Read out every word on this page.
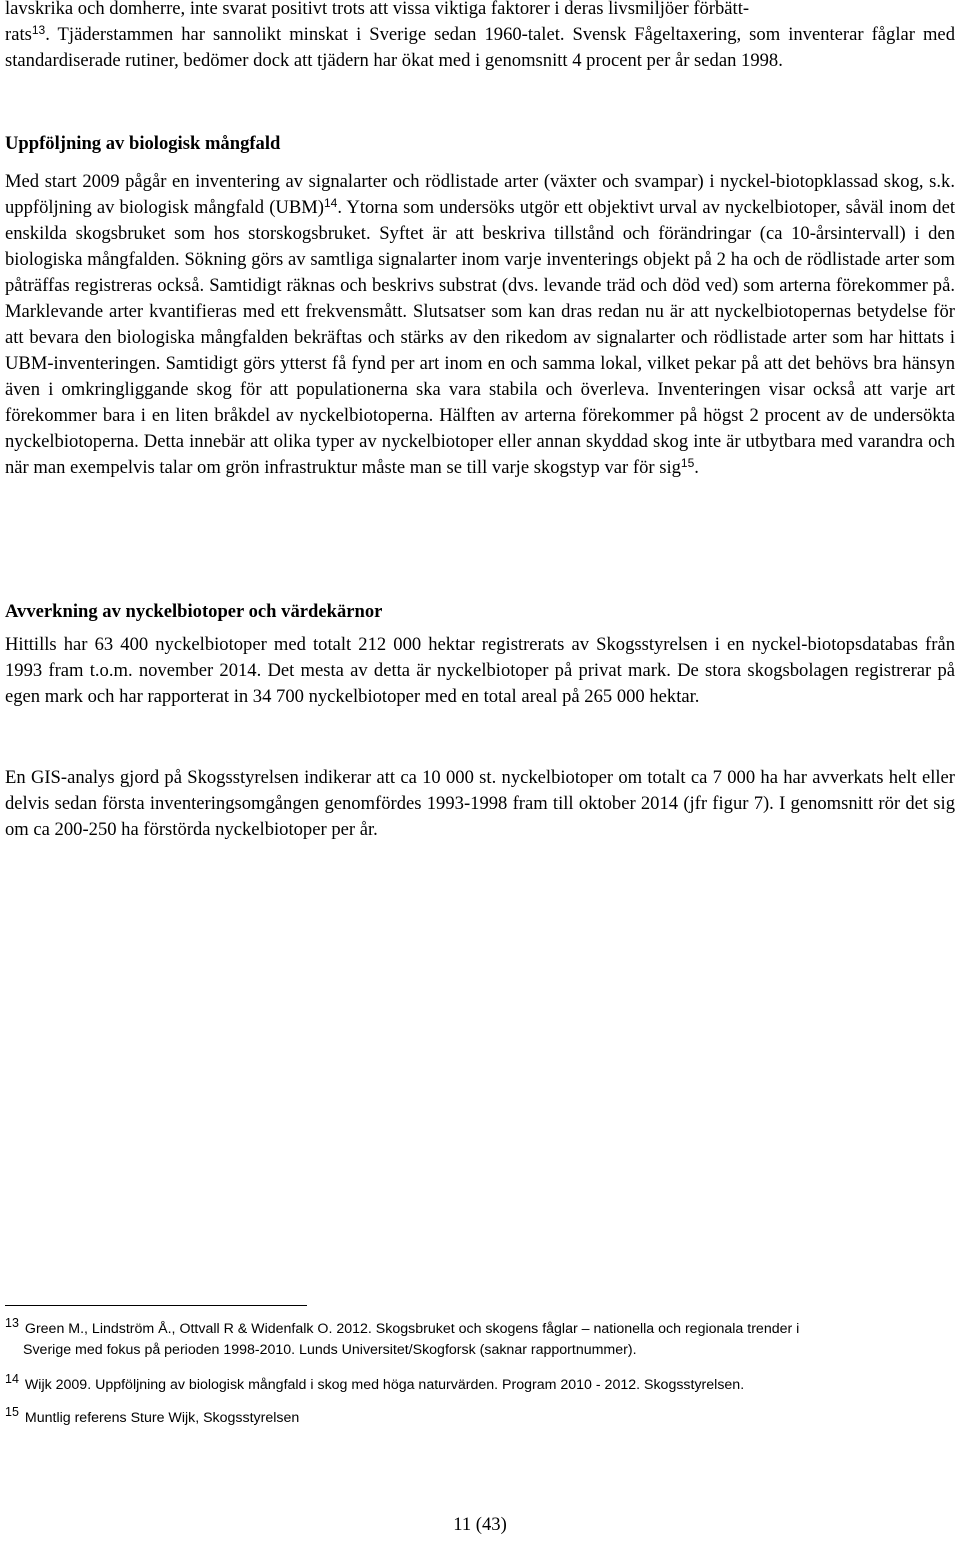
lavskrika och domherre, inte svarat positivt trots att vissa viktiga faktorer i deras livsmiljöer förbätt-
rats$^{13}$. Tjäderstammen har sannolikt minskat i Sverige sedan 1960-talet. Svensk Fågeltaxering, som inventerar fåglar med standardiserade rutiner, bedömer dock att tjädern har ökat med i genomsnitt 4 procent per år sedan 1998.

Uppföljning av biologisk mångfald

Med start 2009 pågår en inventering av signalarter och rödlistade arter (växter och svampar) i nyckel-biotopklassad skog, s.k. uppföljning av biologisk mångfald (UBM)$^{14}$. Ytorna som undersöks utgör ett objektivt urval av nyckelbiotoper, såväl inom det enskilda skogsbruket som hos storskogsbruket. Syftet är att beskriva tillstånd och förändringar (ca 10-årsintervall) i den biologiska mångfalden. Sökning görs av samtliga signalarter inom varje inventerings objekt på 2 ha och de rödlistade arter som påträffas registreras också. Samtidigt räknas och beskrivs substrat (dvs. levande träd och död ved) som arterna förekommer på. Marklevande arter kvantifieras med ett frekvensmått. Slutsatser som kan dras redan nu är att nyckelbiotopernas betydelse för att bevara den biologiska mångfalden bekräftas och stärks av den rikedom av signalarter och rödlistade arter som har hittats i UBM-inventeringen. Samtidigt görs ytterst få fynd per art inom en och samma lokal, vilket pekar på att det behövs bra hänsyn även i omkringliggande skog för att populationerna ska vara stabila och överleva. Inventeringen visar också att varje art förekommer bara i en liten bråkdel av nyckelbiotoperna. Hälften av arterna förekommer på högst 2 procent av de undersökta nyckelbiotoperna. Detta innebär att olika typer av nyckelbiotoper eller annan skyddad skog inte är utbytbara med varandra och när man exempelvis talar om grön infrastruktur måste man se till varje skogstyp var för sig$^{15}$.

Avverkning av nyckelbiotoper och värdekärnor

Hittills har 63 400 nyckelbiotoper med totalt 212 000 hektar registrerats av Skogsstyrelsen i en nyckel-biotopsdatabas från 1993 fram t.o.m. november 2014. Det mesta av detta är nyckelbiotoper på privat mark. De stora skogsbolagen registrerar på egen mark och har rapporterat in 34 700 nyckelbiotoper med en total areal på 265 000 hektar.

En GIS-analys gjord på Skogsstyrelsen indikerar att ca 10 000 st. nyckelbiotoper om totalt ca 7 000 ha har avverkats helt eller delvis sedan första inventeringsomgången genomfördes 1993-1998 fram till oktober 2014 (jfr figur 7). I genomsnitt rör det sig om ca 200-250 ha förstörda nyckelbiotoper per år.

13 Green M., Lindström Å., Ottvall R & Widenfalk O. 2012. Skogsbruket och skogens fåglar – nationella och regionala trender i
Sverige med fokus på perioden 1998-2010. Lunds Universitet/Skogforsk (saknar rapportnummer).

14 Wijk 2009. Uppföljning av biologisk mångfald i skog med höga naturvärden. Program 2010 - 2012. Skogsstyrelsen.

15 Muntlig referens Sture Wijk, Skogsstyrelsen

11 (43)
